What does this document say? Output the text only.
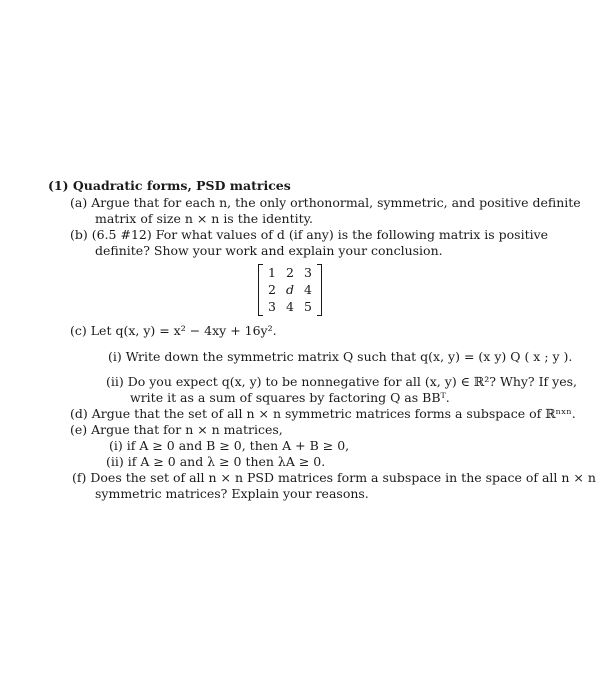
(1) Quadratic forms, PSD matrices
(a) Argue that for each n, the only orthonormal, symmetric, and positive definite
matrix of size n × n is the identity.
(b) (6.5 #12) For what values of d (if any) is the following matrix is positive
definite? Show your work and explain your conclusion.
1 2 3
2 d 4
3 4 5
(c) Let q(x, y) = x² − 4xy + 16y².
(i) Write down the symmetric matrix Q such that q(x, y) = (x y) Q ( x ; y ).
(ii) Do you expect q(x, y) to be nonnegative for all (x, y) ∈ ℝ²? Why? If yes,
write it as a sum of squares by factoring Q as BBᵀ.
(d) Argue that the set of all n × n symmetric matrices forms a subspace of ℝⁿˣⁿ.
(e) Argue that for n × n matrices,
(i) if A ≥ 0 and B ≥ 0, then A + B ≥ 0,
(ii) if A ≥ 0 and λ ≥ 0 then λA ≥ 0.
(f) Does the set of all n × n PSD matrices form a subspace in the space of all n × n
symmetric matrices? Explain your reasons.
